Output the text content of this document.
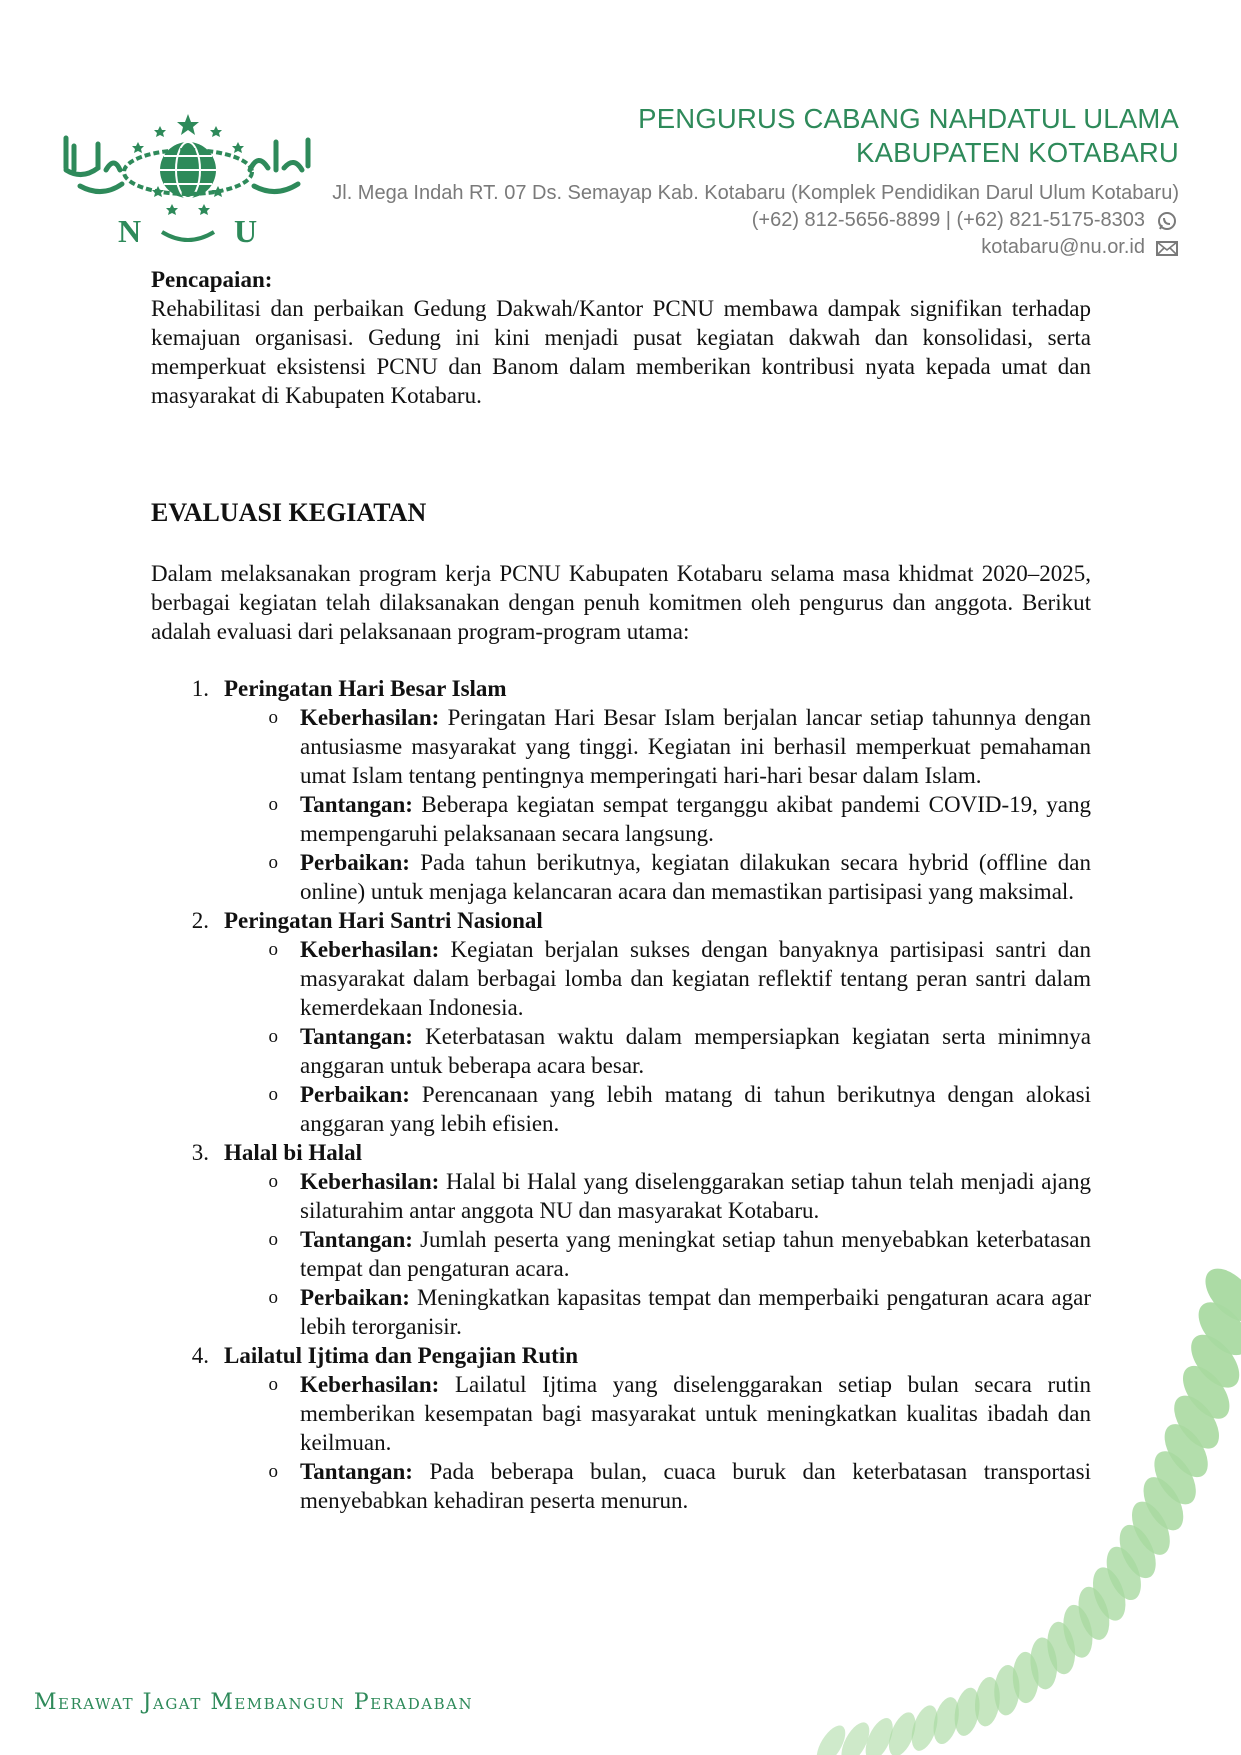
N	U
PENGURUS CABANG NAHDATUL ULAMA
KABUPATEN KOTABARU
Jl. Mega Indah RT. 07 Ds. Semayap Kab. Kotabaru (Komplek Pendidikan Darul Ulum Kotabaru)
(+62) 812-5656-8899 | (+62) 821-5175-8303
kotabaru@nu.or.id

Pencapaian:

Rehabilitasi dan perbaikan Gedung Dakwah/Kantor PCNU membawa dampak signifikan terhadap kemajuan organisasi. Gedung ini kini menjadi pusat kegiatan dakwah dan konsolidasi, serta memperkuat eksistensi PCNU dan Banom dalam memberikan kontribusi nyata kepada umat dan masyarakat di Kabupaten Kotabaru.

EVALUASI KEGIATAN

Dalam melaksanakan program kerja PCNU Kabupaten Kotabaru selama masa khidmat 2020–2025, berbagai kegiatan telah dilaksanakan dengan penuh komitmen oleh pengurus dan anggota. Berikut adalah evaluasi dari pelaksanaan program-program utama:

1. Peringatan Hari Besar Islam
o Keberhasilan: Peringatan Hari Besar Islam berjalan lancar setiap tahunnya dengan antusiasme masyarakat yang tinggi. Kegiatan ini berhasil memperkuat pemahaman umat Islam tentang pentingnya memperingati hari-hari besar dalam Islam.
o Tantangan: Beberapa kegiatan sempat terganggu akibat pandemi COVID-19, yang mempengaruhi pelaksanaan secara langsung.
o Perbaikan: Pada tahun berikutnya, kegiatan dilakukan secara hybrid (offline dan online) untuk menjaga kelancaran acara dan memastikan partisipasi yang maksimal.
2. Peringatan Hari Santri Nasional
o Keberhasilan: Kegiatan berjalan sukses dengan banyaknya partisipasi santri dan masyarakat dalam berbagai lomba dan kegiatan reflektif tentang peran santri dalam kemerdekaan Indonesia.
o Tantangan: Keterbatasan waktu dalam mempersiapkan kegiatan serta minimnya anggaran untuk beberapa acara besar.
o Perbaikan: Perencanaan yang lebih matang di tahun berikutnya dengan alokasi anggaran yang lebih efisien.
3. Halal bi Halal
o Keberhasilan: Halal bi Halal yang diselenggarakan setiap tahun telah menjadi ajang silaturahim antar anggota NU dan masyarakat Kotabaru.
o Tantangan: Jumlah peserta yang meningkat setiap tahun menyebabkan keterbatasan tempat dan pengaturan acara.
o Perbaikan: Meningkatkan kapasitas tempat dan memperbaiki pengaturan acara agar lebih terorganisir.
4. Lailatul Ijtima dan Pengajian Rutin
o Keberhasilan: Lailatul Ijtima yang diselenggarakan setiap bulan secara rutin memberikan kesempatan bagi masyarakat untuk meningkatkan kualitas ibadah dan keilmuan.
o Tantangan: Pada beberapa bulan, cuaca buruk dan keterbatasan transportasi menyebabkan kehadiran peserta menurun.
Merawat Jagat Membangun Peradaban
